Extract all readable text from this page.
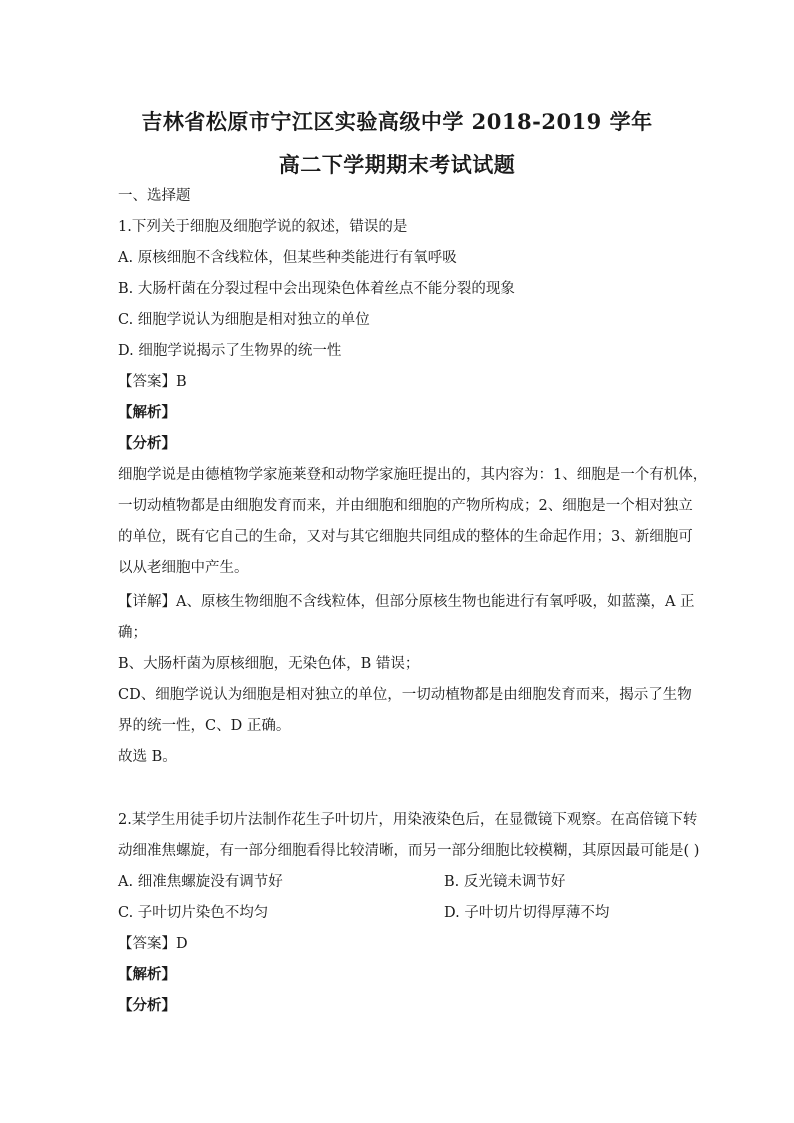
吉林省松原市宁江区实验高级中学 2018-2019 学年
高二下学期期末考试试题
一、选择题
1.下列关于细胞及细胞学说的叙述，错误的是
A. 原核细胞不含线粒体，但某些种类能进行有氧呼吸
B. 大肠杆菌在分裂过程中会出现染色体着丝点不能分裂的现象
C. 细胞学说认为细胞是相对独立的单位
D. 细胞学说揭示了生物界的统一性
【答案】B
【解析】
【分析】
细胞学说是由德植物学家施莱登和动物学家施旺提出的，其内容为：1、细胞是一个有机体，
一切动植物都是由细胞发育而来，并由细胞和细胞的产物所构成；2、细胞是一个相对独立
的单位，既有它自己的生命，又对与其它细胞共同组成的整体的生命起作用；3、新细胞可
以从老细胞中产生。
【详解】A、原核生物细胞不含线粒体，但部分原核生物也能进行有氧呼吸，如蓝藻，A 正
确；
B、大肠杆菌为原核细胞，无染色体，B 错误；
CD、细胞学说认为细胞是相对独立的单位，一切动植物都是由细胞发育而来，揭示了生物
界的统一性，C、D 正确。
故选 B。
2.某学生用徒手切片法制作花生子叶切片，用染液染色后，在显微镜下观察。在高倍镜下转
动细准焦螺旋，有一部分细胞看得比较清晰，而另一部分细胞比较模糊，其原因最可能是( )
A. 细准焦螺旋没有调节好	B. 反光镜未调节好
C. 子叶切片染色不均匀	D. 子叶切片切得厚薄不均
【答案】D
【解析】
【分析】
